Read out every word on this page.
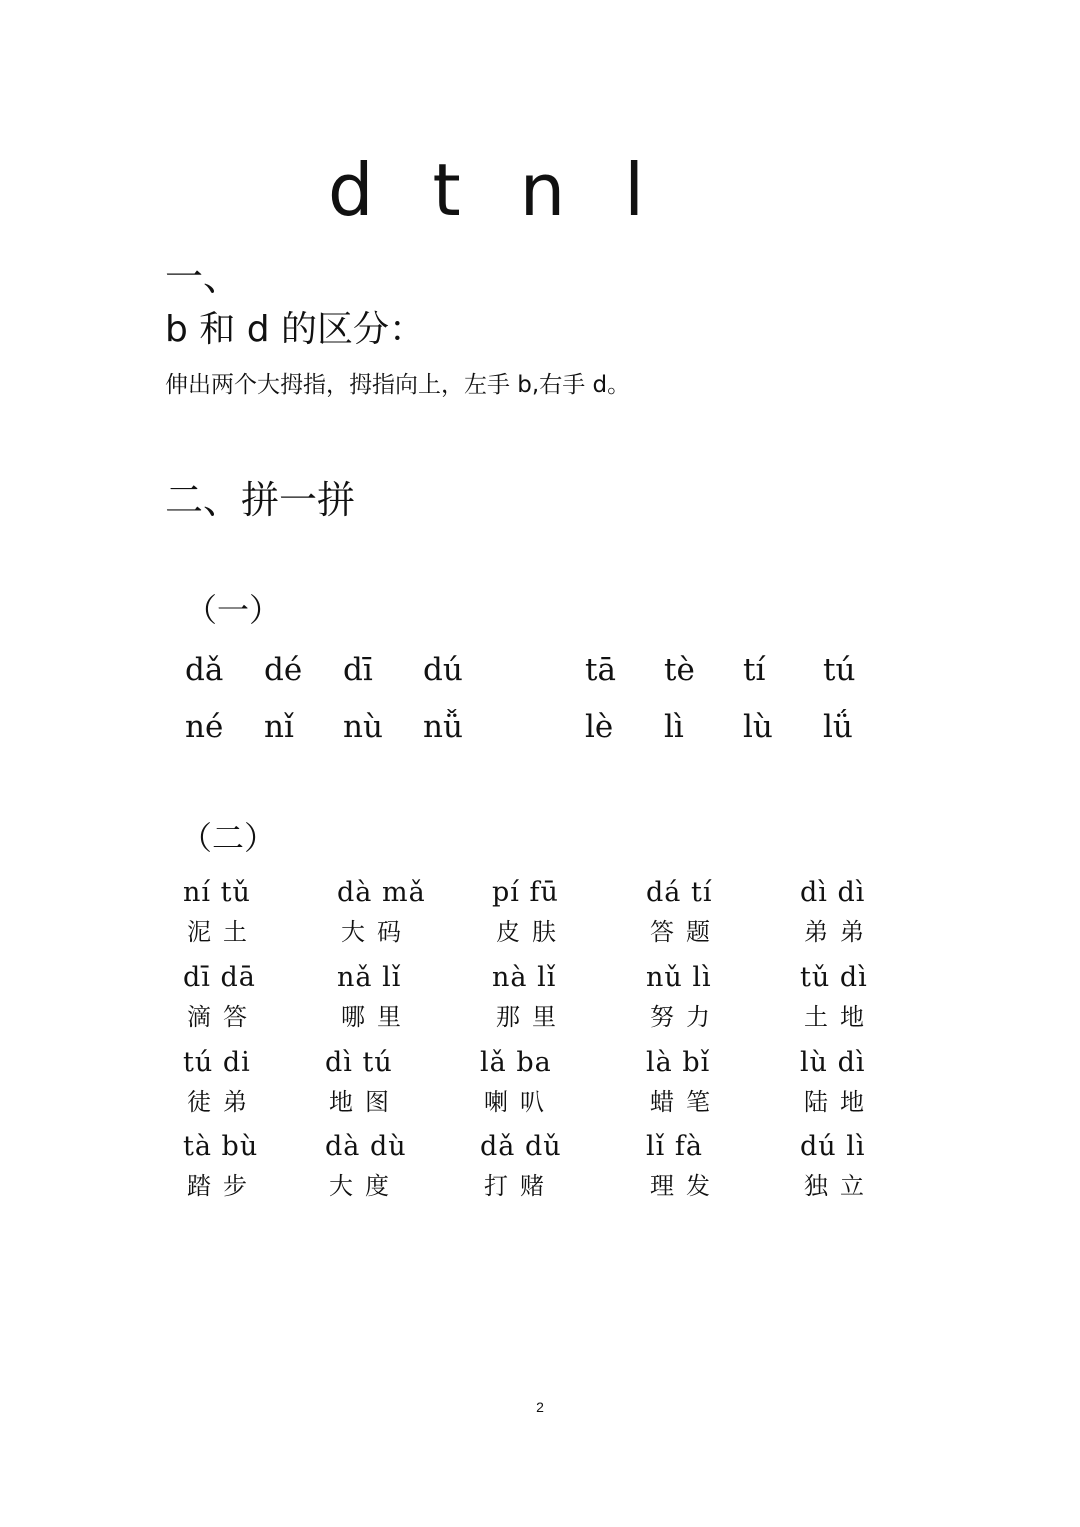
d t n l
一、
b 和 d 的区分：
伸出两个大拇指，拇指向上，左手 b,右手 d。
二、拼一拼
（一）
dǎ dé dī dú	tā tè tí tú
né nǐ nù nǚ	lè lì lù lǘ
（二）
ní tǔ
泥土
dà mǎ
大码
pí fū
皮肤
dá tí
答题
dì dì
弟弟
dī dā
滴答
nǎ lǐ
哪里
nà lǐ
那里
nǔ lì
努力
tǔ dì
土地
tú di
徒弟
dì tú
地图
lǎ ba
喇叭
là bǐ
蜡笔
lù dì
陆地
tà bù
踏步
dà dù
大度
dǎ dǔ
打赌
lǐ fà
理发
dú lì
独立
2
